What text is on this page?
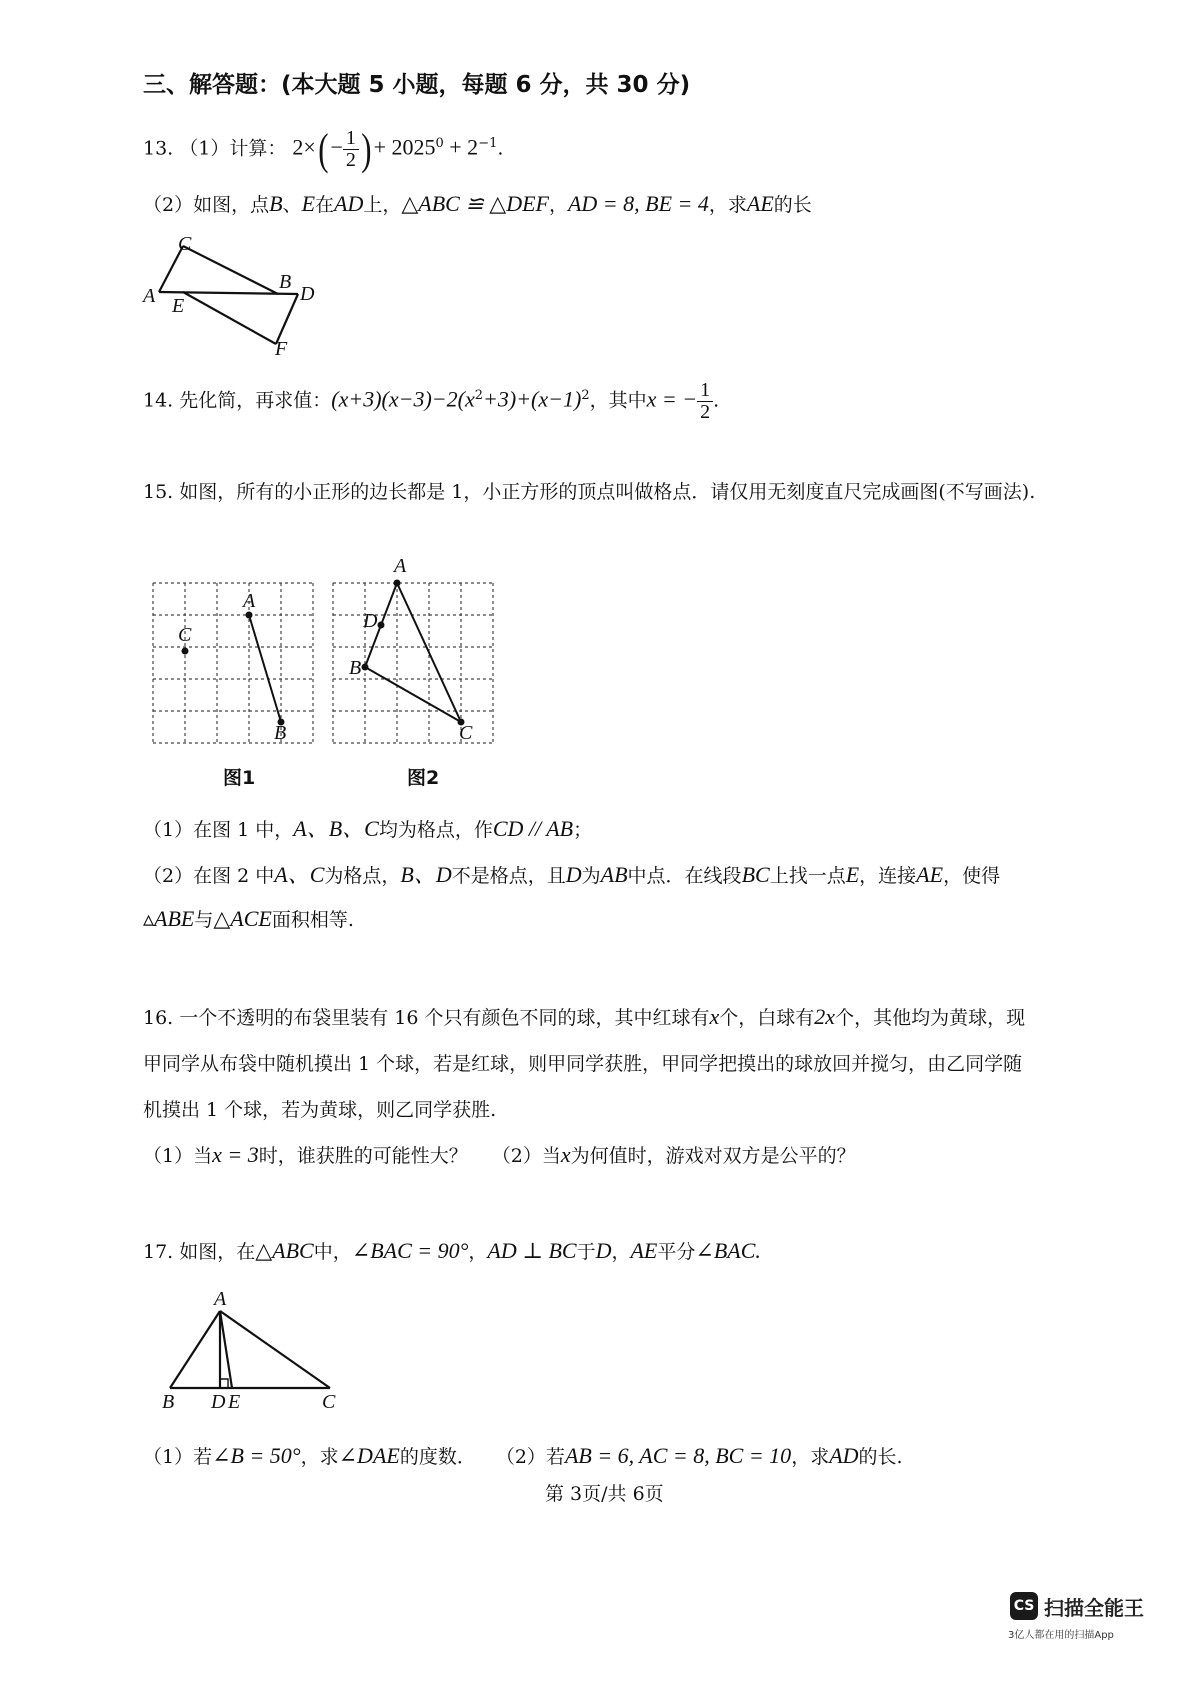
三、解答题：(本大题 5 小题，每题 6 分，共 30 分)
13. （1）计算： $2\times(- \frac{1}{2}$ )+ $2025^0 + 2^{-1}$.
（2）如图，点B、E在AD上，△ABC ≌ △DEF，AD = 8, BE = 4，求AE的长
C
A E
B
D
F
14. 先化简，再求值：$(x+3)(x-3)-2(x^2+3)+(x-1)^2$，其中x = − $\frac{1}{2}$ .
15. 如图，所有的小正形的边长都是 1，小正方形的顶点叫做格点．请仅用无刻度直尺完成画图(不写画法).
A
C
B
A
D
B
C
图1	图2
（1）在图 1 中，A、B、C均为格点，作CD // AB；
（2）在图 2 中A、C为格点，B、D不是格点，且D为AB中点．在线段BC上找一点E，连接AE，使得
▵ABE与△ACE面积相等.
16. 一个不透明的布袋里装有 16 个只有颜色不同的球，其中红球有x个，白球有2x个，其他均为黄球，现
甲同学从布袋中随机摸出 1 个球，若是红球，则甲同学获胜，甲同学把摸出的球放回并搅匀，由乙同学随
机摸出 1 个球，若为黄球，则乙同学获胜.
（1）当x = 3时，谁获胜的可能性大？ （2）当x为何值时，游戏对双方是公平的？
17. 如图，在△ABC中，∠BAC = 90°，AD ⊥ BC于D，AE平分∠BAC.
A
B D E	C
（1）若∠B = 50°，求∠DAE的度数． （2）若AB = 6, AC = 8, BC = 10，求AD的长.
第 3页/共 6页
CS 扫描全能王
3亿人都在用的扫描App
